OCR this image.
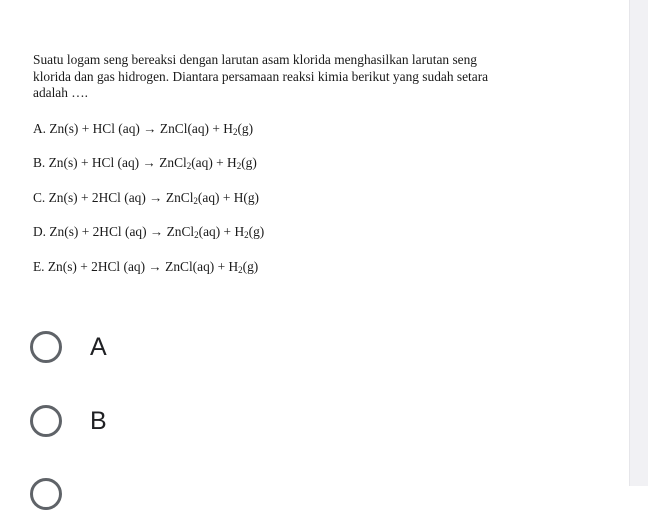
Suatu logam seng bereaksi dengan larutan asam klorida menghasilkan larutan seng
klorida dan gas hidrogen. Diantara persamaan reaksi kimia berikut yang sudah setara
adalah ….
A. Zn(s) + HCl (aq) → ZnCl(aq) + $H_2(g)$
B. Zn(s) + HCl (aq) → ZnCl$_2$(aq) + $H_2(g)$
C. Zn(s) + 2HCl (aq) → ZnCl$_2$(aq) + H(g)
D. Zn(s) + 2HCl (aq) → ZnCl$_2$(aq) + $H_2(g)$
E. Zn(s) + 2HCl (aq) → ZnCl(aq) + $H_2(g)$
A
B
